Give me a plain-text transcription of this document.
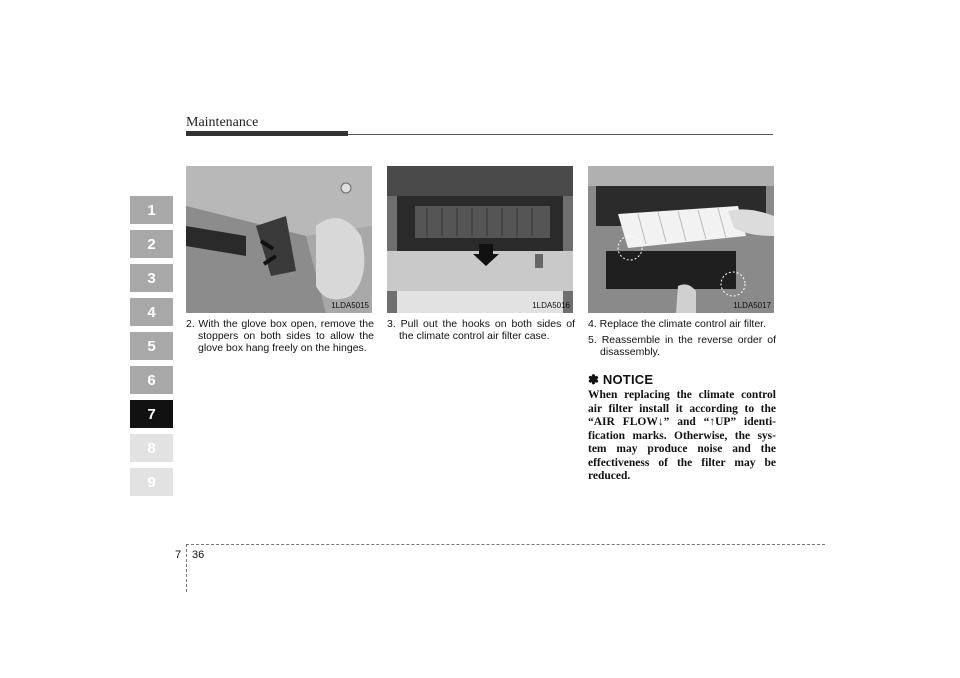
Maintenance
1
2
3
4
5
6
7
8
9
1LDA5015	1LDA5016	1LDA5017

2. With the glove box open, remove the stoppers on both sides to allow the glove box hang freely on the hinges.

3. Pull out the hooks on both sides of the climate control air filter case.

4. Replace the climate control air filter.

5. Reassemble in the reverse order of disassembly.

✽ NOTICE
When replacing the climate control air filter install it according to the “AIR FLOW↓” and “↑UP” identi-fication marks. Otherwise, the sys-tem may produce noise and the effectiveness of the filter may be reduced.
7 36
